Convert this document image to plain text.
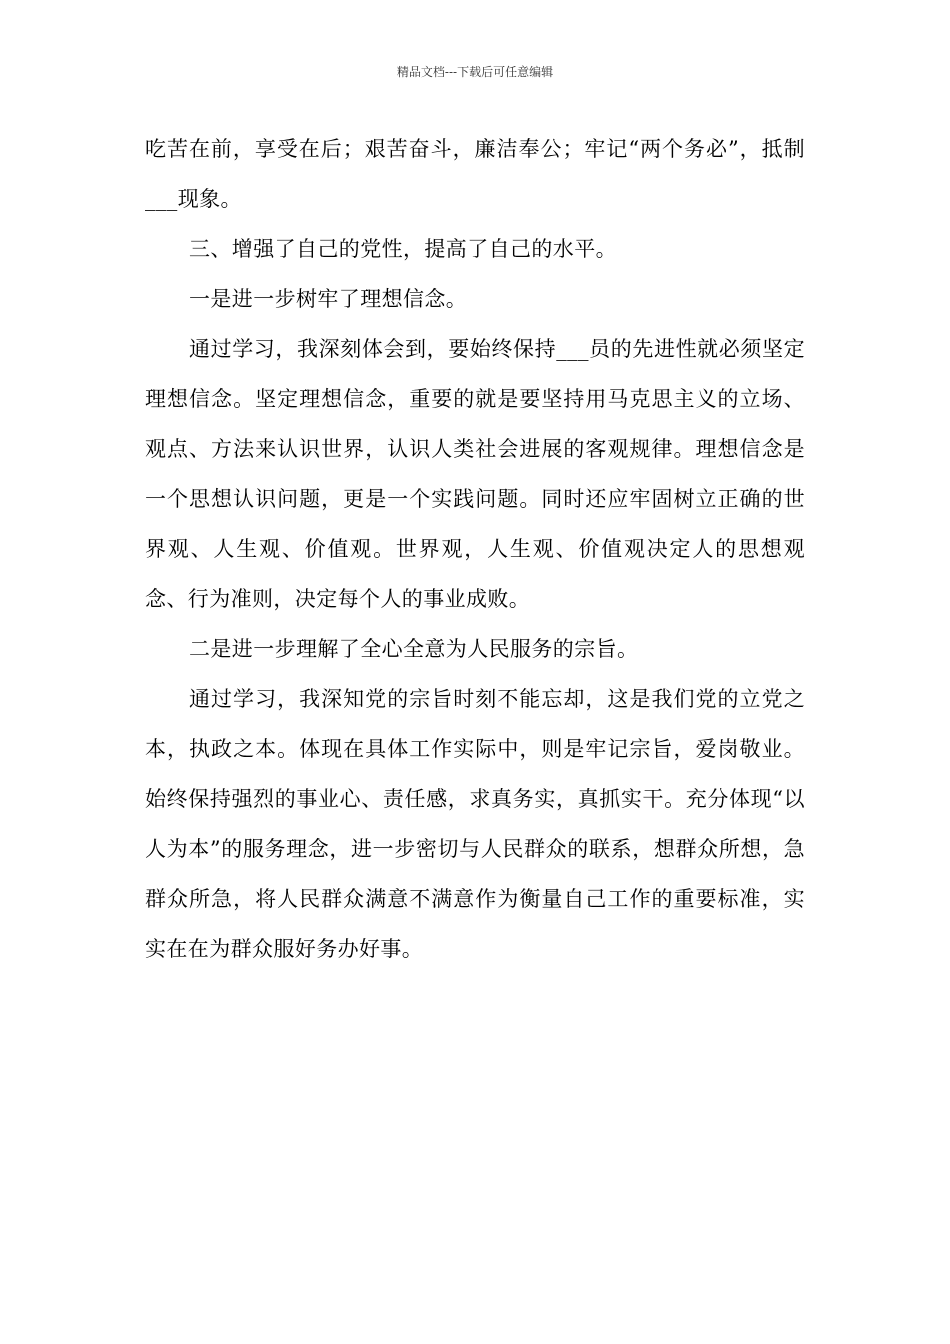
精品文档---下载后可任意编辑

吃苦在前，享受在后；艰苦奋斗，廉洁奉公；牢记“两个务必”，抵制___现象。

三、增强了自己的党性，提高了自己的水平。

一是进一步树牢了理想信念。

通过学习，我深刻体会到，要始终保持___员的先进性就必须坚定理想信念。坚定理想信念，重要的就是要坚持用马克思主义的立场、观点、方法来认识世界，认识人类社会进展的客观规律。理想信念是一个思想认识问题，更是一个实践问题。同时还应牢固树立正确的世界观、人生观、价值观。世界观，人生观、价值观决定人的思想观念、行为准则，决定每个人的事业成败。

二是进一步理解了全心全意为人民服务的宗旨。

通过学习，我深知党的宗旨时刻不能忘却，这是我们党的立党之本，执政之本。体现在具体工作实际中，则是牢记宗旨，爱岗敬业。始终保持强烈的事业心、责任感，求真务实，真抓实干。充分体现“以人为本”的服务理念，进一步密切与人民群众的联系，想群众所想，急群众所急，将人民群众满意不满意作为衡量自己工作的重要标准，实实在在为群众服好务办好事。
